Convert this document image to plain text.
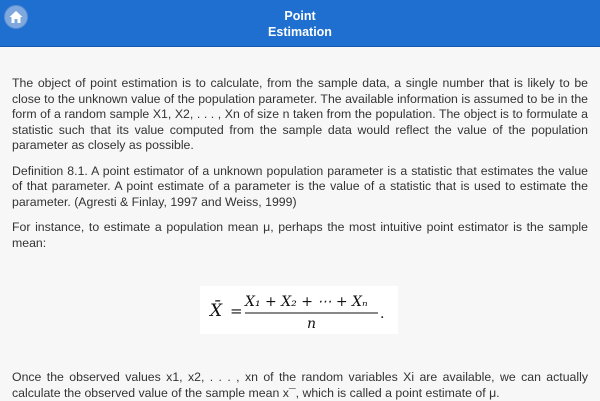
Point
Estimation

The object of point estimation is to calculate, from the sample data, a single number that is likely to be close to the unknown value of the population parameter. The available information is assumed to be in the form of a random sample X1, X2, . . . , Xn of size n taken from the population. The object is to formulate a statistic such that its value computed from the sample data would reflect the value of the population parameter as closely as possible.

Definition 8.1. A point estimator of a unknown population parameter is a statistic that estimates the value of that parameter. A point estimate of a parameter is the value of a statistic that is used to estimate the parameter. (Agresti & Finlay, 1997 and Weiss, 1999)

For instance, to estimate a population mean μ, perhaps the most intuitive point estimator is the sample mean:

X̄ = X₁ + X₂ + ⋯ + Xₙ
n
.
Once the observed values x1, x2, . . . , xn of the random variables Xi are available, we can actually calculate the observed value of the sample mean x¯, which is called a point estimate of μ.
